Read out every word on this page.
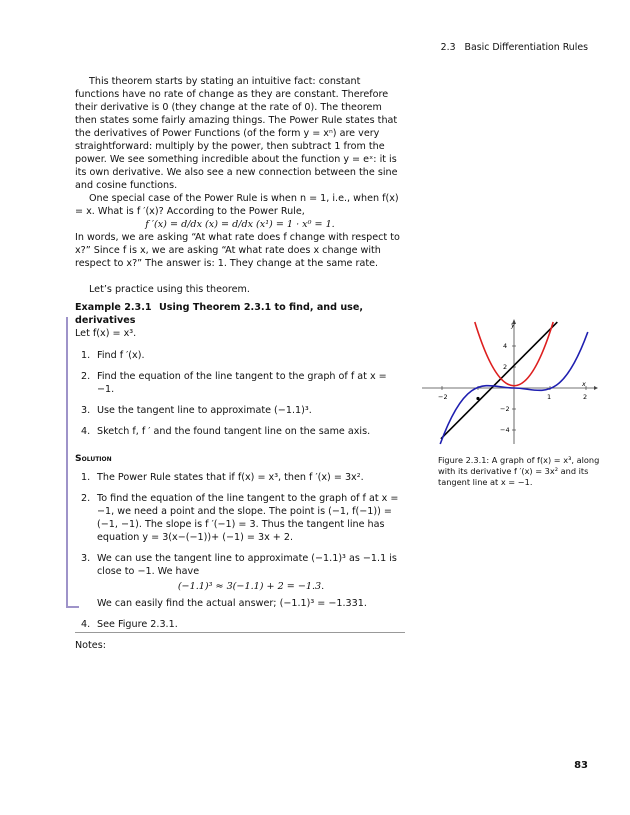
2.3 Basic Differentiation Rules

This theorem starts by stating an intuitive fact: constant functions have no rate of change as they are constant. Therefore their derivative is 0 (they change at the rate of 0). The theorem then states some fairly amazing things. The Power Rule states that the derivatives of Power Functions (of the form y = xⁿ) are very straightforward: multiply by the power, then subtract 1 from the power. We see something incredible about the function y = eˣ: it is its own derivative. We also see a new connection between the sine and cosine functions.

One special case of the Power Rule is when n = 1, i.e., when f(x) = x. What is f ′(x)? According to the Power Rule,

f ′(x) = d/dx (x) = d/dx (x¹) = 1 · x⁰ = 1.

In words, we are asking “At what rate does f change with respect to x?” Since f is x, we are asking “At what rate does x change with respect to x?” The answer is: 1. They change at the same rate.

Let’s practice using this theorem.

Example 2.3.1 Using Theorem 2.3.1 to find, and use, derivatives

Let f(x) = x³.

1. Find f ′(x).
2. Find the equation of the line tangent to the graph of f at x = −1.
3. Use the tangent line to approximate (−1.1)³.
4. Sketch f, f ′ and the found tangent line on the same axis.

Solution

1. The Power Rule states that if f(x) = x³, then f ′(x) = 3x².
2. To find the equation of the line tangent to the graph of f at x = −1, we need a point and the slope. The point is (−1, f(−1)) = (−1, −1). The slope is f ′(−1) = 3. Thus the tangent line has equation y = 3(x−(−1))+ (−1) = 3x + 2.
3. We can use the tangent line to approximate (−1.1)³ as −1.1 is close to −1. We have
(−1.1)³ ≈ 3(−1.1) + 2 = −1.3.
We can easily find the actual answer; (−1.1)³ = −1.331.
4. See Figure 2.3.1.
Notes:
x
y
−2	1	2
4
2
−2
−4
Figure 2.3.1: A graph of f(x) = x³, along with its derivative f ′(x) = 3x² and its tangent line at x = −1.
83
